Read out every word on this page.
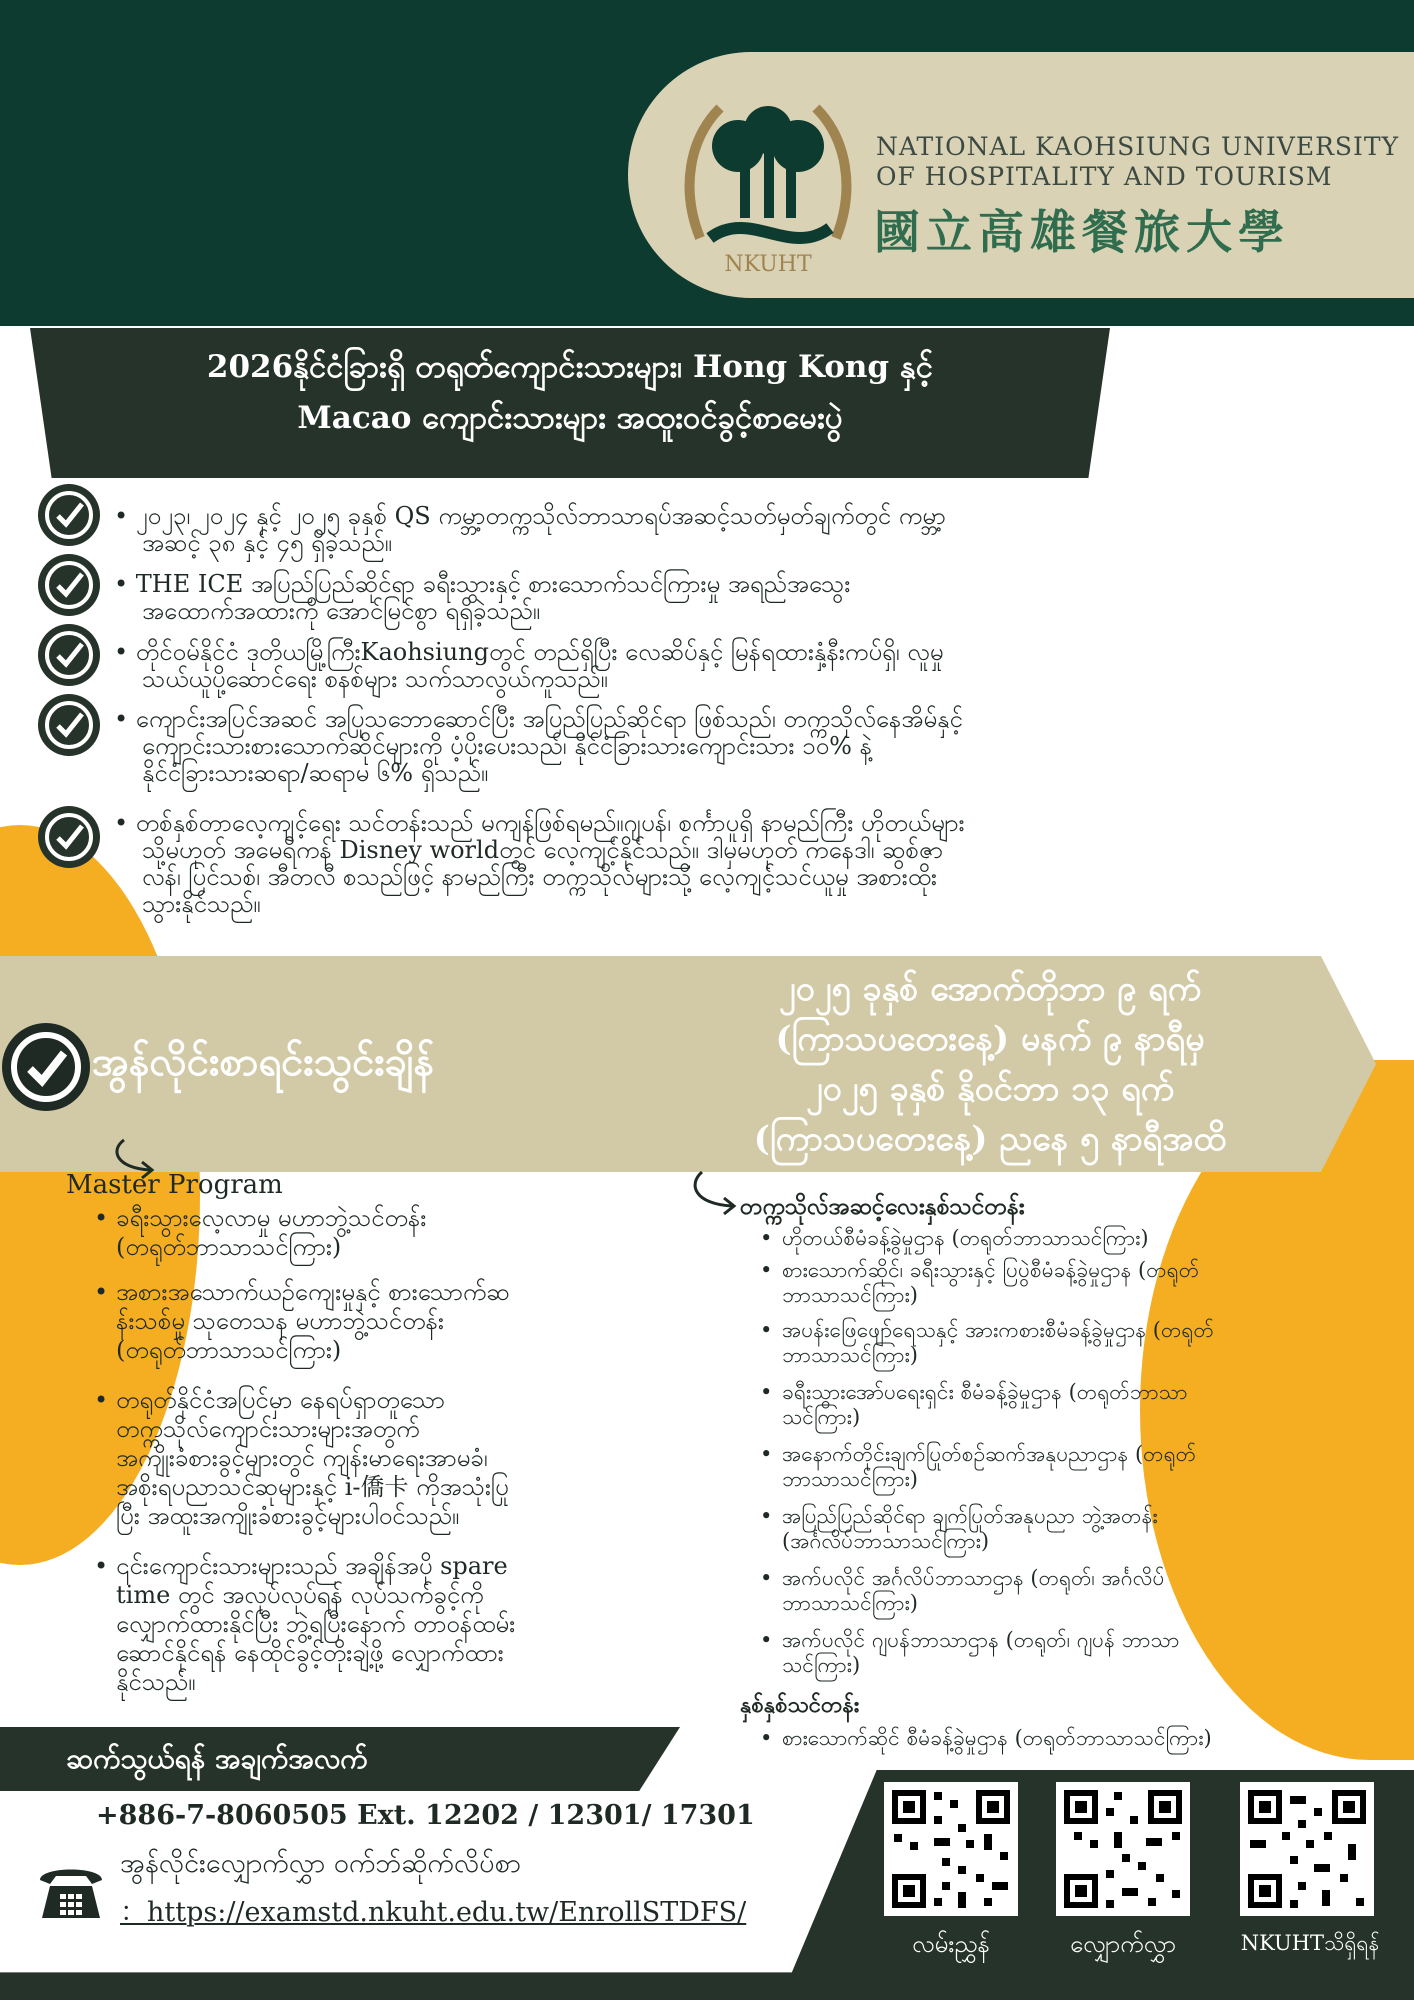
NKUHT
NATIONAL KAOHSIUNG UNIVERSITY
OF HOSPITALITY AND TOURISM
國立高雄餐旅大學
2026နိုင်ငံခြားရှိ တရုတ်ကျောင်းသားများ၊ Hong Kong နှင့်
Macao ကျောင်းသားများ အထူးဝင်ခွင့်စာမေးပွဲ
• ၂၀၂၃၊ ၂၀၂၄ နှင့် ၂၀၂၅ ခုနှစ် QS ကမ္ဘာ့တက္ကသိုလ်ဘာသာရပ်အဆင့်သတ်မှတ်ချက်တွင် ကမ္ဘာ့
အဆင့် ၃၈ နှင့် ၄၅ ရှိခဲ့သည်။
• THE ICE အပြည်ပြည်ဆိုင်ရာ ခရီးသွားနှင့် စားသောက်သင်ကြားမှု အရည်အသွေး
အထောက်အထားကို အောင်မြင်စွာ ရရှိခဲ့သည်။
• တိုင်ဝမ်နိုင်ငံ ဒုတိယမြို့ကြီးKaohsiungတွင် တည်ရှိပြီး လေဆိပ်နှင့် မြန်ရထားနှံ့နီးကပ်ရှိ၊ လူမှု
သယ်ယူပို့ဆောင်ရေး စနစ်များ သက်သာလွယ်ကူသည်။
• ကျောင်းအပြင်အဆင် အပြုသဘောဆောင်ပြီး အပြည်ပြည်ဆိုင်ရာ ဖြစ်သည်၊ တက္ကသိုလ်နေအိမ်နှင့်
ကျောင်းသားစားသောက်ဆိုင်များကို ပံ့ပိုးပေးသည်၊ နိုင်ငံခြားသားကျောင်းသား ၁၀% နဲ့
နိုင်ငံခြားသားဆရာ/ဆရာမ ၆% ရှိသည်။
• တစ်နှစ်တာလေ့ကျင့်ရေး သင်တန်းသည် မကျန်ဖြစ်ရမည်။ဂျပန်၊ စင်္ကာပူရှိ နာမည်ကြီး ဟိုတယ်များ
သို့မဟုတ် အမေရိကန် Disney worldတွင် လေ့ကျင့်နိုင်သည်။ ဒါမှမဟုတ် ကနေဒါ၊ ဆွစ်ဇာ
လန်၊ ပြင်သစ်၊ အီတလီ စသည်ဖြင့် နာမည်ကြီး တက္ကသိုလ်များသို့ လေ့ကျင့်သင်ယူမှု အစားထိုး
သွားနိုင်သည်။
အွန်လိုင်းစာရင်းသွင်းချိန်
၂၀၂၅ ခုနှစ် အောက်တိုဘာ ၉ ရက်
(ကြာသပတေးနေ့) မနက် ၉ နာရီမှ
၂၀၂၅ ခုနှစ် နိုဝင်ဘာ ၁၃ ရက်
(ကြာသပတေးနေ့) ညနေ ၅ နာရီအထိ
Master Program
• ခရီးသွားလေ့လာမှု မဟာဘွဲ့သင်တန်း
(တရုတ်ဘာသာသင်ကြား)
• အစားအသောက်ယဉ်ကျေးမှုနှင့် စားသောက်ဆ
န်းသစ်မှု သုတေသန မဟာဘွဲ့သင်တန်း
(တရုတ်ဘာသာသင်ကြား)
• တရုတ်နိုင်ငံအပြင်မှာ နေရပ်ရှာတူသော
တက္ကသိုလ်ကျောင်းသားများအတွက်
အကျိုးခံစားခွင့်များတွင် ကျန်းမာရေးအာမခံ၊
အစိုးရပညာသင်ဆုများနှင့် i-僑卡 ကိုအသုံးပြု
ပြီး အထူးအကျိုးခံစားခွင့်များပါဝင်သည်။
• ၎င်းကျောင်းသားများသည် အချိန်အပို spare
time တွင် အလုပ်လုပ်ရန် လုပ်သက်ခွင့်ကို
လျှောက်ထားနိုင်ပြီး ဘွဲ့ရပြီးနောက် တာဝန်ထမ်း
ဆောင်နိုင်ရန် နေထိုင်ခွင့်တိုးချဲ့ဖို့ လျှောက်ထား
နိုင်သည်။
တက္ကသိုလ်အဆင့်လေးနှစ်သင်တန်း
• ဟိုတယ်စီမံခန့်ခွဲမှုဌာန (တရုတ်ဘာသာသင်ကြား)
• စားသောက်ဆိုင်၊ ခရီးသွားနှင့် ပြပွဲစီမံခန့်ခွဲမှုဌာန (တရုတ်
ဘာသာသင်ကြား)
• အပန်းဖြေဖျော်ရေသနှင့် အားကစားစီမံခန့်ခွဲမှုဌာန (တရုတ်
ဘာသာသင်ကြား)
• ခရီးသွားအော်ပရေးရှင်း စီမံခန့်ခွဲမှုဌာန (တရုတ်ဘာသာ
သင်ကြား)
• အနောက်တိုင်းချက်ပြုတ်စဉ်ဆက်အနုပညာဌာန (တရုတ်
ဘာသာသင်ကြား)
• အပြည်ပြည်ဆိုင်ရာ ချက်ပြုတ်အနုပညာ ဘွဲ့အတန်း
(အင်္ဂလိပ်ဘာသာသင်ကြား)
• အက်ပလိုင် အင်္ဂလိပ်ဘာသာဌာန (တရုတ်၊ အင်္ဂလိပ်
ဘာသာသင်ကြား)
• အက်ပလိုင် ဂျပန်ဘာသာဌာန (တရုတ်၊ ဂျပန် ဘာသာ
သင်ကြား)
နှစ်နှစ်သင်တန်း
• စားသောက်ဆိုင် စီမံခန့်ခွဲမှုဌာန (တရုတ်ဘာသာသင်ကြား)
ဆက်သွယ်ရန် အချက်အလက်
+886-7-8060505 Ext. 12202 / 12301/ 17301
အွန်လိုင်းလျှောက်လွှာ ဝက်ဘ်ဆိုက်လိပ်စာ
：https://examstd.nkuht.edu.tw/EnrollSTDFS/
လမ်းညွှန်	လျှောက်လွှာ	NKUHTသိရှိရန်
